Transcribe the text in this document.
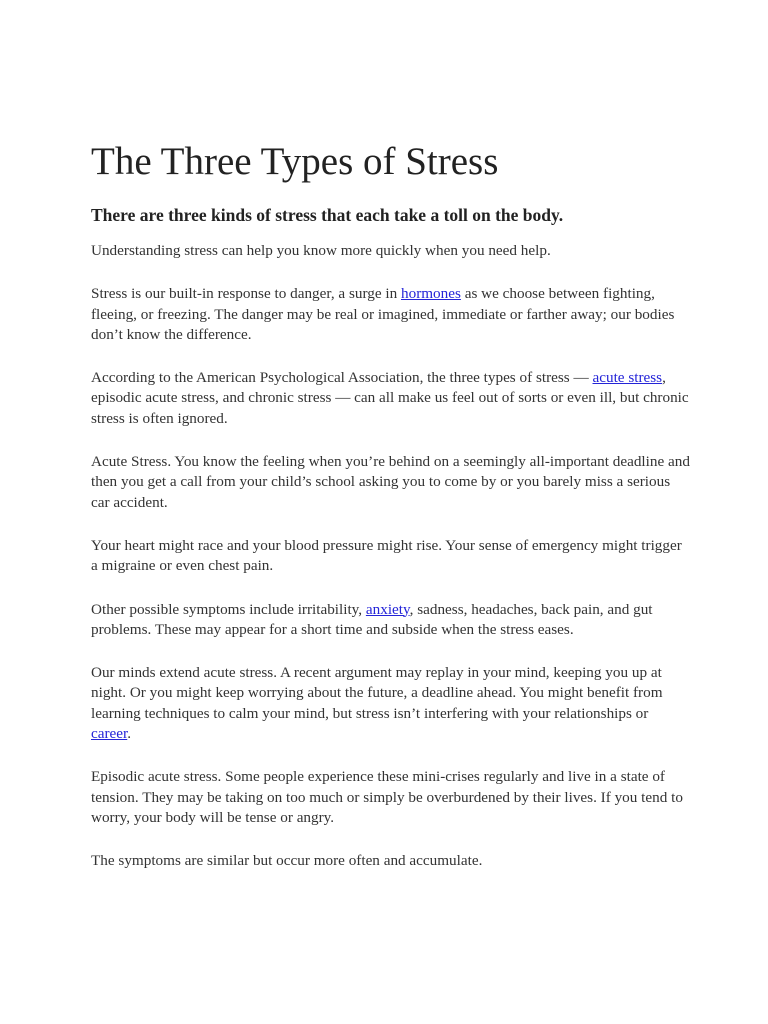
The Three Types of Stress
There are three kinds of stress that each take a toll on the body.

Understanding stress can help you know more quickly when you need help.

Stress is our built-in response to danger, a surge in hormones as we choose between fighting, fleeing, or freezing. The danger may be real or imagined, immediate or farther away; our bodies don’t know the difference.

According to the American Psychological Association, the three types of stress — acute stress, episodic acute stress, and chronic stress — can all make us feel out of sorts or even ill, but chronic stress is often ignored.

Acute Stress. You know the feeling when you’re behind on a seemingly all-important deadline and then you get a call from your child’s school asking you to come by or you barely miss a serious car accident.

Your heart might race and your blood pressure might rise. Your sense of emergency might trigger a migraine or even chest pain.

Other possible symptoms include irritability, anxiety, sadness, headaches, back pain, and gut problems. These may appear for a short time and subside when the stress eases.

Our minds extend acute stress. A recent argument may replay in your mind, keeping you up at night. Or you might keep worrying about the future, a deadline ahead. You might benefit from learning techniques to calm your mind, but stress isn’t interfering with your relationships or career.

Episodic acute stress. Some people experience these mini-crises regularly and live in a state of tension. They may be taking on too much or simply be overburdened by their lives. If you tend to worry, your body will be tense or angry.

The symptoms are similar but occur more often and accumulate.
